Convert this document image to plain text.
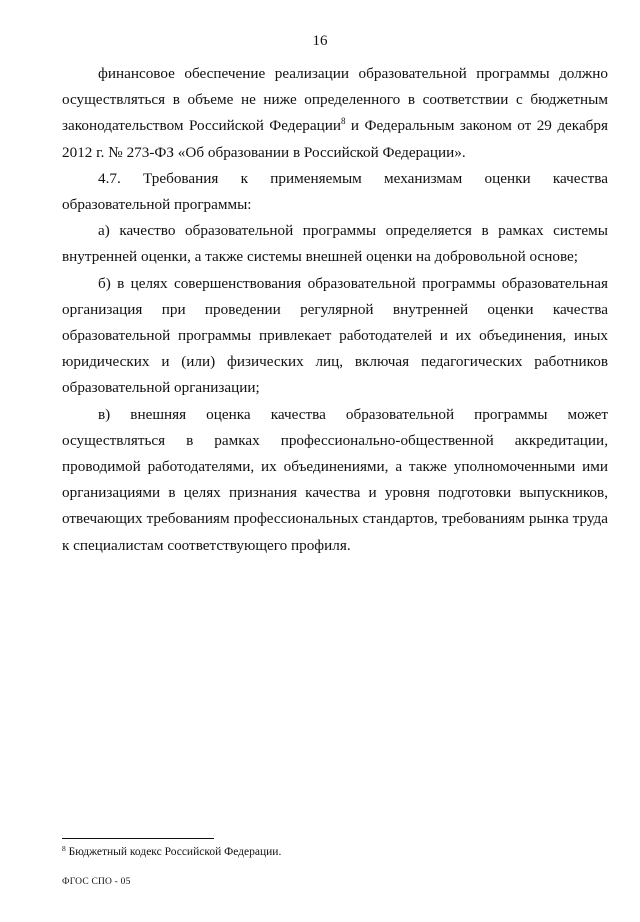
16

финансовое обеспечение реализации образовательной программы должно осуществляться в объеме не ниже определенного в соответствии с бюджетным законодательством Российской Федерации$^8$ и Федеральным законом от 29 декабря 2012 г. № 273-ФЗ «Об образовании в Российской Федерации».

4.7. Требования к применяемым механизмам оценки качества образовательной программы:

а) качество образовательной программы определяется в рамках системы внутренней оценки, а также системы внешней оценки на добровольной основе;

б) в целях совершенствования образовательной программы образовательная организация при проведении регулярной внутренней оценки качества образовательной программы привлекает работодателей и их объединения, иных юридических и (или) физических лиц, включая педагогических работников образовательной организации;

в) внешняя оценка качества образовательной программы может осуществляться в рамках профессионально-общественной аккредитации, проводимой работодателями, их объединениями, а также уполномоченными ими организациями в целях признания качества и уровня подготовки выпускников, отвечающих требованиям профессиональных стандартов, требованиям рынка труда к специалистам соответствующего профиля.

$^8$ Бюджетный кодекс Российской Федерации.
ФГОС СПО - 05
